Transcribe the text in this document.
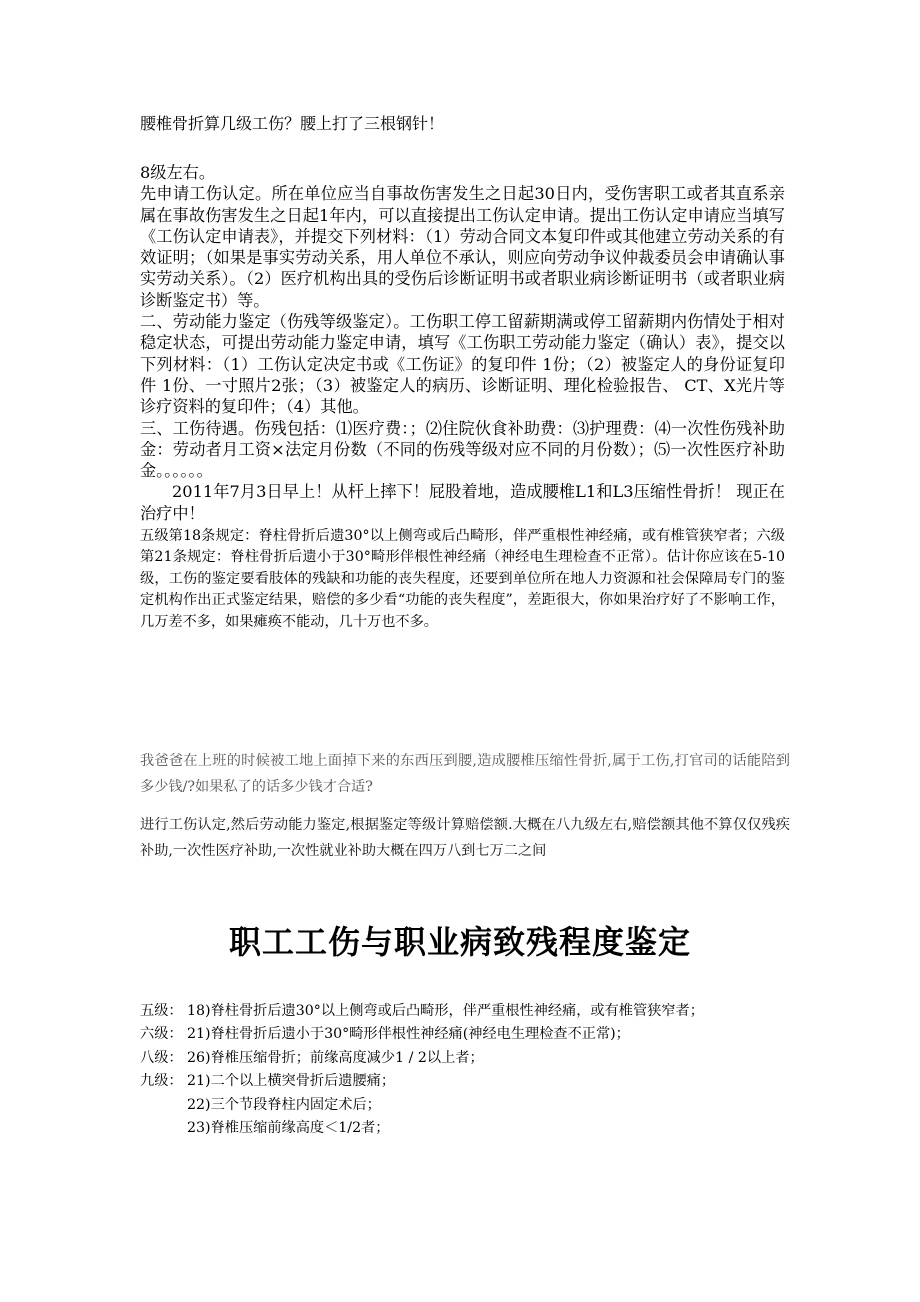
腰椎骨折算几级工伤？腰上打了三根钢针！

8级左右。

先申请工伤认定。所在单位应当自事故伤害发生之日起30日内，受伤害职工或者其直系亲属在事故伤害发生之日起1年内，可以直接提出工伤认定申请。提出工伤认定申请应当填写《工伤认定申请表》，并提交下列材料：（1）劳动合同文本复印件或其他建立劳动关系的有效证明；（如果是事实劳动关系，用人单位不承认，则应向劳动争议仲裁委员会申请确认事实劳动关系）。（2）医疗机构出具的受伤后诊断证明书或者职业病诊断证明书（或者职业病诊断鉴定书）等。

二、劳动能力鉴定（伤残等级鉴定）。工伤职工停工留薪期满或停工留薪期内伤情处于相对稳定状态，可提出劳动能力鉴定申请，填写《工伤职工劳动能力鉴定（确认）表》，提交以下列材料：（1）工伤认定决定书或《工伤证》的复印件 1份；（2）被鉴定人的身份证复印件 1份、一寸照片2张；（3）被鉴定人的病历、诊断证明、理化检验报告、 CT、X光片等诊疗资料的复印件；（4）其他。

三、工伤待遇。伤残包括：⑴医疗费：；⑵住院伙食补助费：⑶护理费：⑷一次性伤残补助金：劳动者月工资×法定月份数（不同的伤残等级对应不同的月份数）；⑸一次性医疗补助金。。。。。。

2011年7月3日早上！从杆上摔下！屁股着地，造成腰椎L1和L3压缩性骨折！ 现正在治疗中！

五级第18条规定：脊柱骨折后遗30°以上侧弯或后凸畸形，伴严重根性神经痛，或有椎管狭窄者；六级第21条规定：脊柱骨折后遗小于30°畸形伴根性神经痛（神经电生理检查不正常）。估计你应该在5-10级，工伤的鉴定要看肢体的残缺和功能的丧失程度，还要到单位所在地人力资源和社会保障局专门的鉴定机构作出正式鉴定结果，赔偿的多少看“功能的丧失程度”，差距很大，你如果治疗好了不影响工作，几万差不多，如果瘫痪不能动，几十万也不多。

我爸爸在上班的时候被工地上面掉下来的东西压到腰,造成腰椎压缩性骨折,属于工伤,打官司的话能陪到多少钱/?如果私了的话多少钱才合适?

进行工伤认定,然后劳动能力鉴定,根据鉴定等级计算赔偿额.大概在八九级左右,赔偿额其他不算仅仅残疾补助,一次性医疗补助,一次性就业补助大概在四万八到七万二之间

职工工伤与职业病致残程度鉴定
五级： 18)脊柱骨折后遗30°以上侧弯或后凸畸形，伴严重根性神经痛，或有椎管狭窄者；
六级： 21)脊柱骨折后遗小于30°畸形伴根性神经痛(神经电生理检查不正常)；
八级： 26)脊椎压缩骨折；前缘高度减少1 / 2以上者；
九级： 21)二个以上横突骨折后遗腰痛；
22)三个节段脊柱内固定术后；
23)脊椎压缩前缘高度＜1/2者；
